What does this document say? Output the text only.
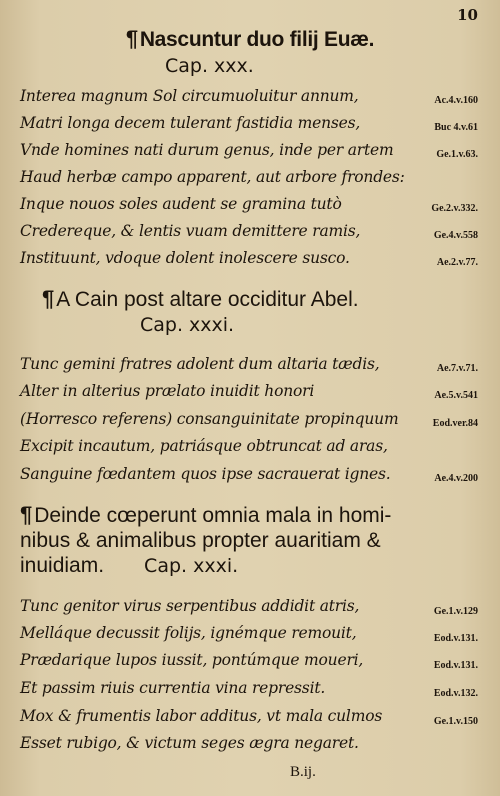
10
¶Nascuntur duo filij Euæ.
Cap. xxx.
Interea magnum Sol circumuoluitur annum,	Ac.4.v.160
Matri longa decem tulerant fastidia menses,	Buc 4.v.61
Vnde homines nati durum genus, inde per artem	Ge.1.v.63.
Haud herbæ campo apparent, aut arbore frondes:
Inque nouos soles audent se gramina tutò	Ge.2.v.332.
Credereque, & lentis vuam demittere ramis,	Ge.4.v.558
Instituunt, vdoque dolent inolescere susco.	Ae.2.v.77.
¶A Cain post altare occiditur Abel.
Cap. xxxi.
Tunc gemini fratres adolent dum altaria tædis,	Ae.7.v.71.
Alter in alterius prælato inuidit honori	Ae.5.v.541
(Horresco referens) consanguinitate propinquum	Eod.ver.84
Excipit incautum, patriásque obtruncat ad aras,
Sanguine fœdantem quos ipse sacrauerat ignes.	Ae.4.v.200
¶Deinde cœperunt omnia mala in homi-
nibus & animalibus propter auaritiam &
inuidiam. Cap. xxxi.
Tunc genitor virus serpentibus addidit atris,	Ge.1.v.129
Melláque decussit folijs, ignémque remouit,	Eod.v.131.
Prædarique lupos iussit, pontúmque moueri,	Eod.v.131.
Et passim riuis currentia vina repressit.	Eod.v.132.
Mox & frumentis labor additus, vt mala culmos	Ge.1.v.150
Esset rubigo, & victum seges ægra negaret.
B.ij.
